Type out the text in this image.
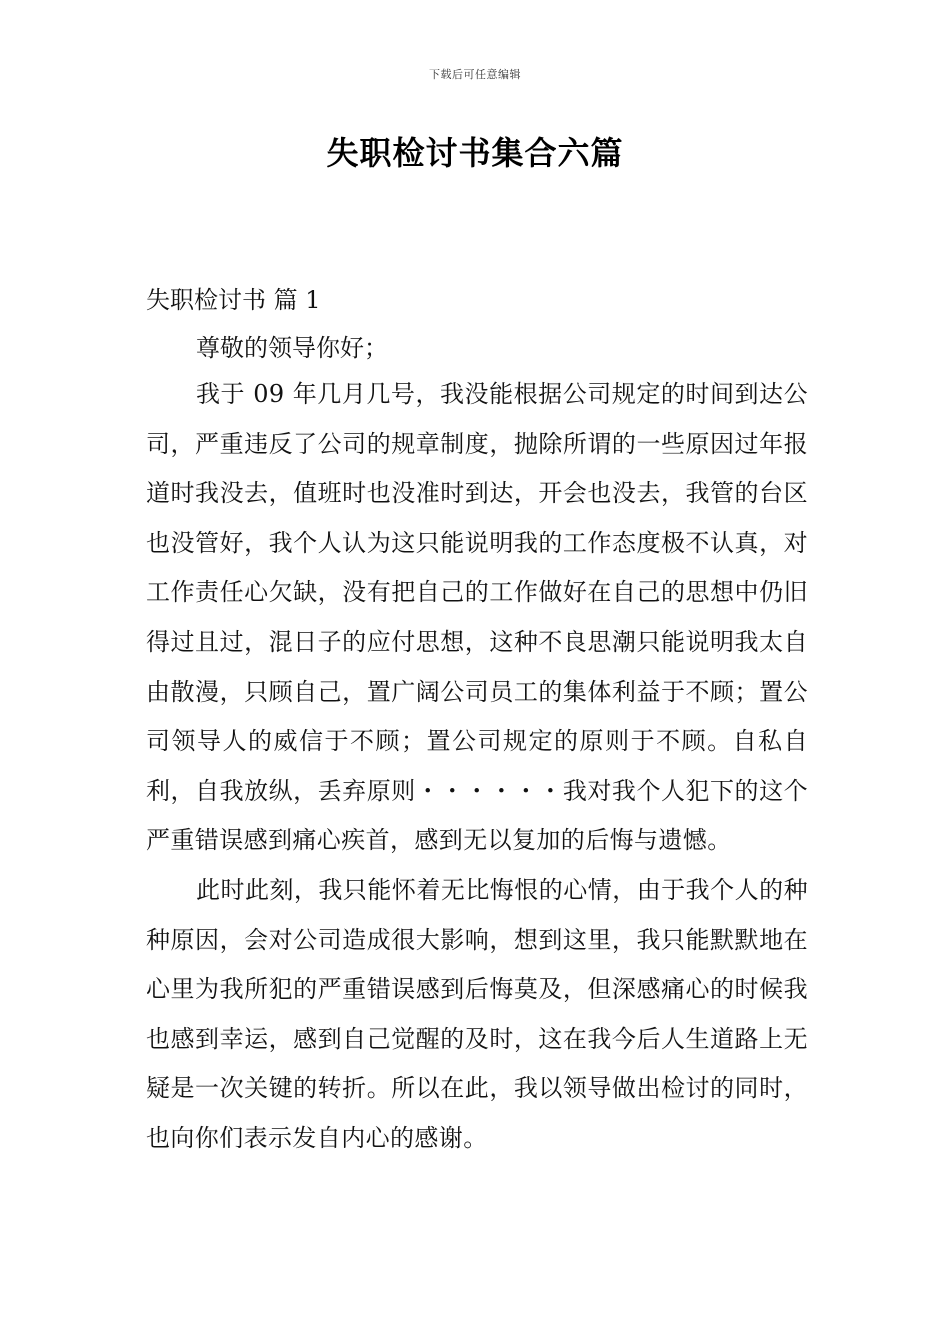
下载后可任意编辑
失职检讨书集合六篇

失职检讨书 篇 1

尊敬的领导你好；

我于 09 年几月几号，我没能根据公司规定的时间到达公司，严重违反了公司的规章制度，抛除所谓的一些原因过年报道时我没去，值班时也没准时到达，开会也没去，我管的台区也没管好，我个人认为这只能说明我的工作态度极不认真，对工作责任心欠缺，没有把自己的工作做好在自己的思想中仍旧得过且过，混日子的应付思想，这种不良思潮只能说明我太自由散漫，只顾自己，置广阔公司员工的集体利益于不顾；置公司领导人的威信于不顾；置公司规定的原则于不顾。自私自利，自我放纵，丢弃原则・・・・・・我对我个人犯下的这个严重错误感到痛心疾首，感到无以复加的后悔与遗憾。

此时此刻，我只能怀着无比悔恨的心情，由于我个人的种种原因，会对公司造成很大影响，想到这里，我只能默默地在心里为我所犯的严重错误感到后悔莫及，但深感痛心的时候我也感到幸运，感到自己觉醒的及时，这在我今后人生道路上无疑是一次关键的转折。所以在此，我以领导做出检讨的同时，也向你们表示发自内心的感谢。
